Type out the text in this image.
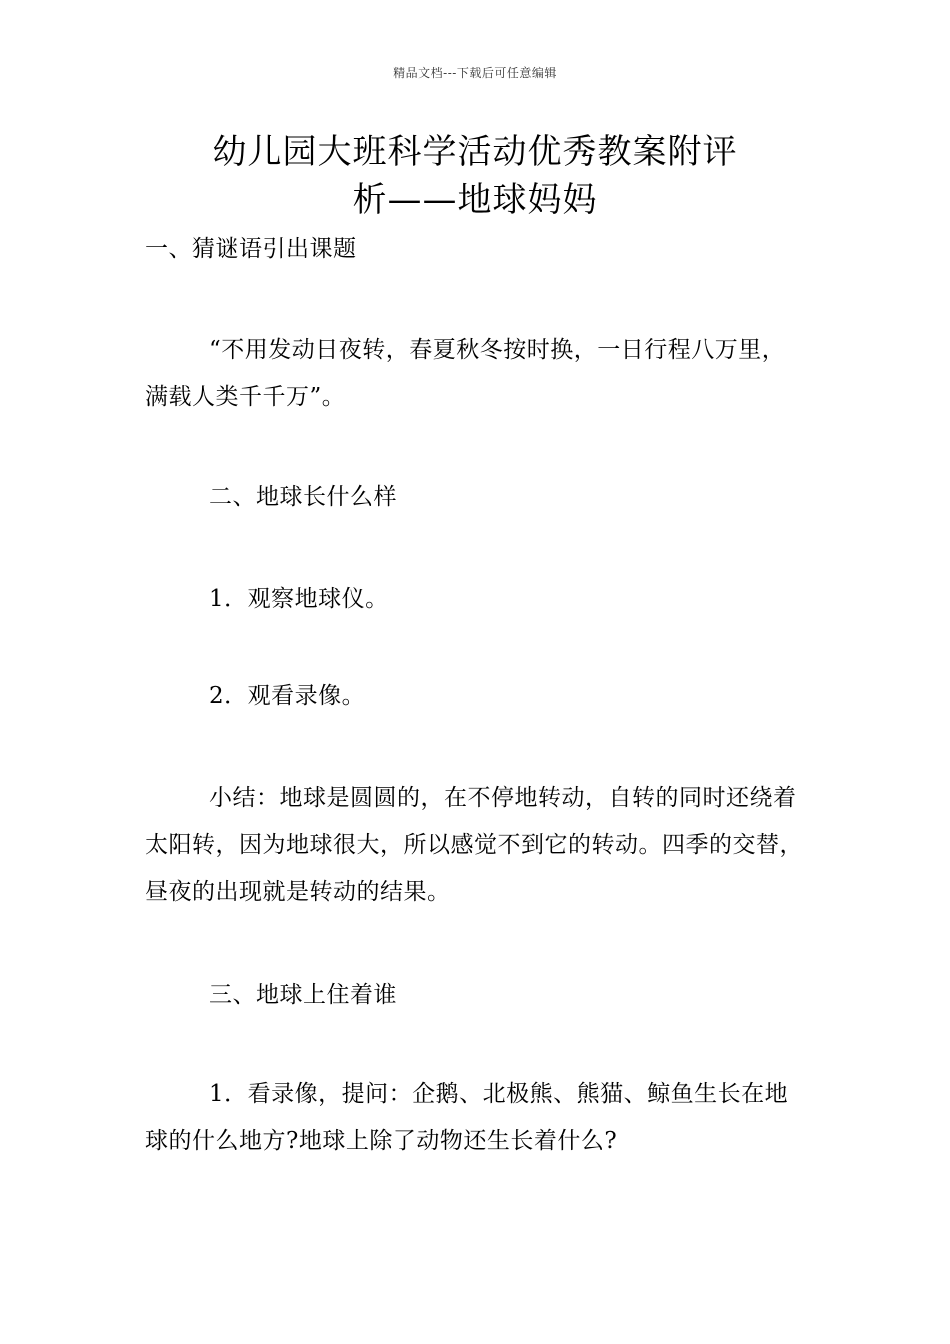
精品文档---下载后可任意编辑
幼儿园大班科学活动优秀教案附评
析——地球妈妈

一、猜谜语引出课题

“不用发动日夜转，春夏秋冬按时换，一日行程八万里，满载人类千千万”。

二、地球长什么样

1．观察地球仪。

2．观看录像。

小结：地球是圆圆的，在不停地转动，自转的同时还绕着太阳转，因为地球很大，所以感觉不到它的转动。四季的交替，昼夜的出现就是转动的结果。

三、地球上住着谁

1．看录像，提问：企鹅、北极熊、熊猫、鲸鱼生长在地球的什么地方?地球上除了动物还生长着什么?
